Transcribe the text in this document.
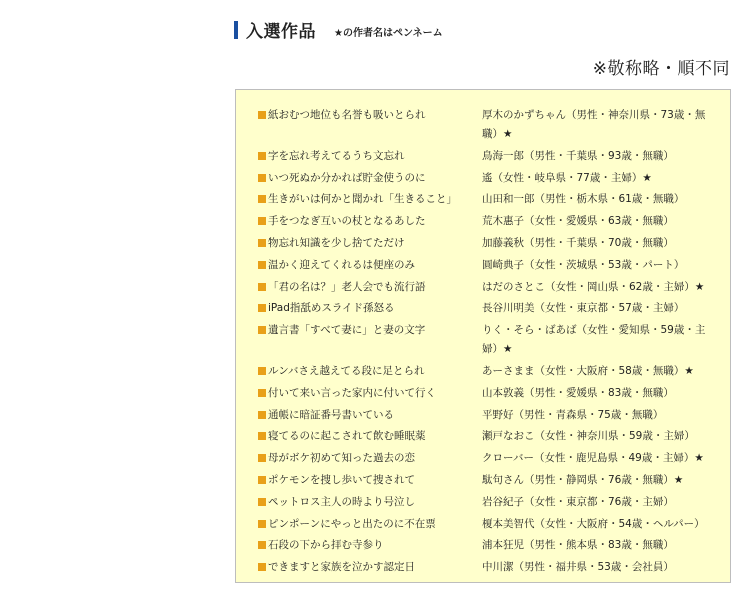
入選作品 ★の作者名はペンネーム
※敬称略・順不同
紙おむつ地位も名誉も吸いとられ	厚木のかずちゃん（男性・神奈川県・73歳・無職）★
字を忘れ考えてるうち文忘れ	鳥海一郎（男性・千葉県・93歳・無職）
いつ死ぬか分かれば貯金使うのに	遙（女性・岐阜県・77歳・主婦）★
生きがいは何かと聞かれ「生きること」 山田和一郎（男性・栃木県・61歳・無職）
手をつなぎ互いの杖となるあした	荒木惠子（女性・愛媛県・63歳・無職）
物忘れ知識を少し捨てただけ	加藤義秋（男性・千葉県・70歳・無職）
温かく迎えてくれるは便座のみ	圓崎典子（女性・茨城県・53歳・パート）
「君の名は？」老人会でも流行語	はだのさとこ（女性・岡山県・62歳・主婦）★
iPad指舐めスライド孫怒る	長谷川明美（女性・東京都・57歳・主婦）
遺言書「すべて妻に」と妻の文字	りく・そら・ばあば（女性・愛知県・59歳・主婦）★
ルンバさえ越えてる段に足とられ	あーさまま（女性・大阪府・58歳・無職）★
付いて来い言った家内に付いて行く	山本敦義（男性・愛媛県・83歳・無職）
通帳に暗証番号書いている	平野好（男性・青森県・75歳・無職）
寝てるのに起こされて飲む睡眠薬	瀬戸なおこ（女性・神奈川県・59歳・主婦）
母がボケ初めて知った過去の恋	クローバー（女性・鹿児島県・49歳・主婦）★
ポケモンを捜し歩いて捜されて	駄句さん（男性・静岡県・76歳・無職）★
ペットロス主人の時より号泣し	岩谷紀子（女性・東京都・76歳・主婦）
ピンポーンにやっと出たのに不在票	榎本美智代（女性・大阪府・54歳・ヘルパー）
石段の下から拝む寺参り	浦本狂児（男性・熊本県・83歳・無職）
できますと家族を泣かす認定日	中川潔（男性・福井県・53歳・会社員）
